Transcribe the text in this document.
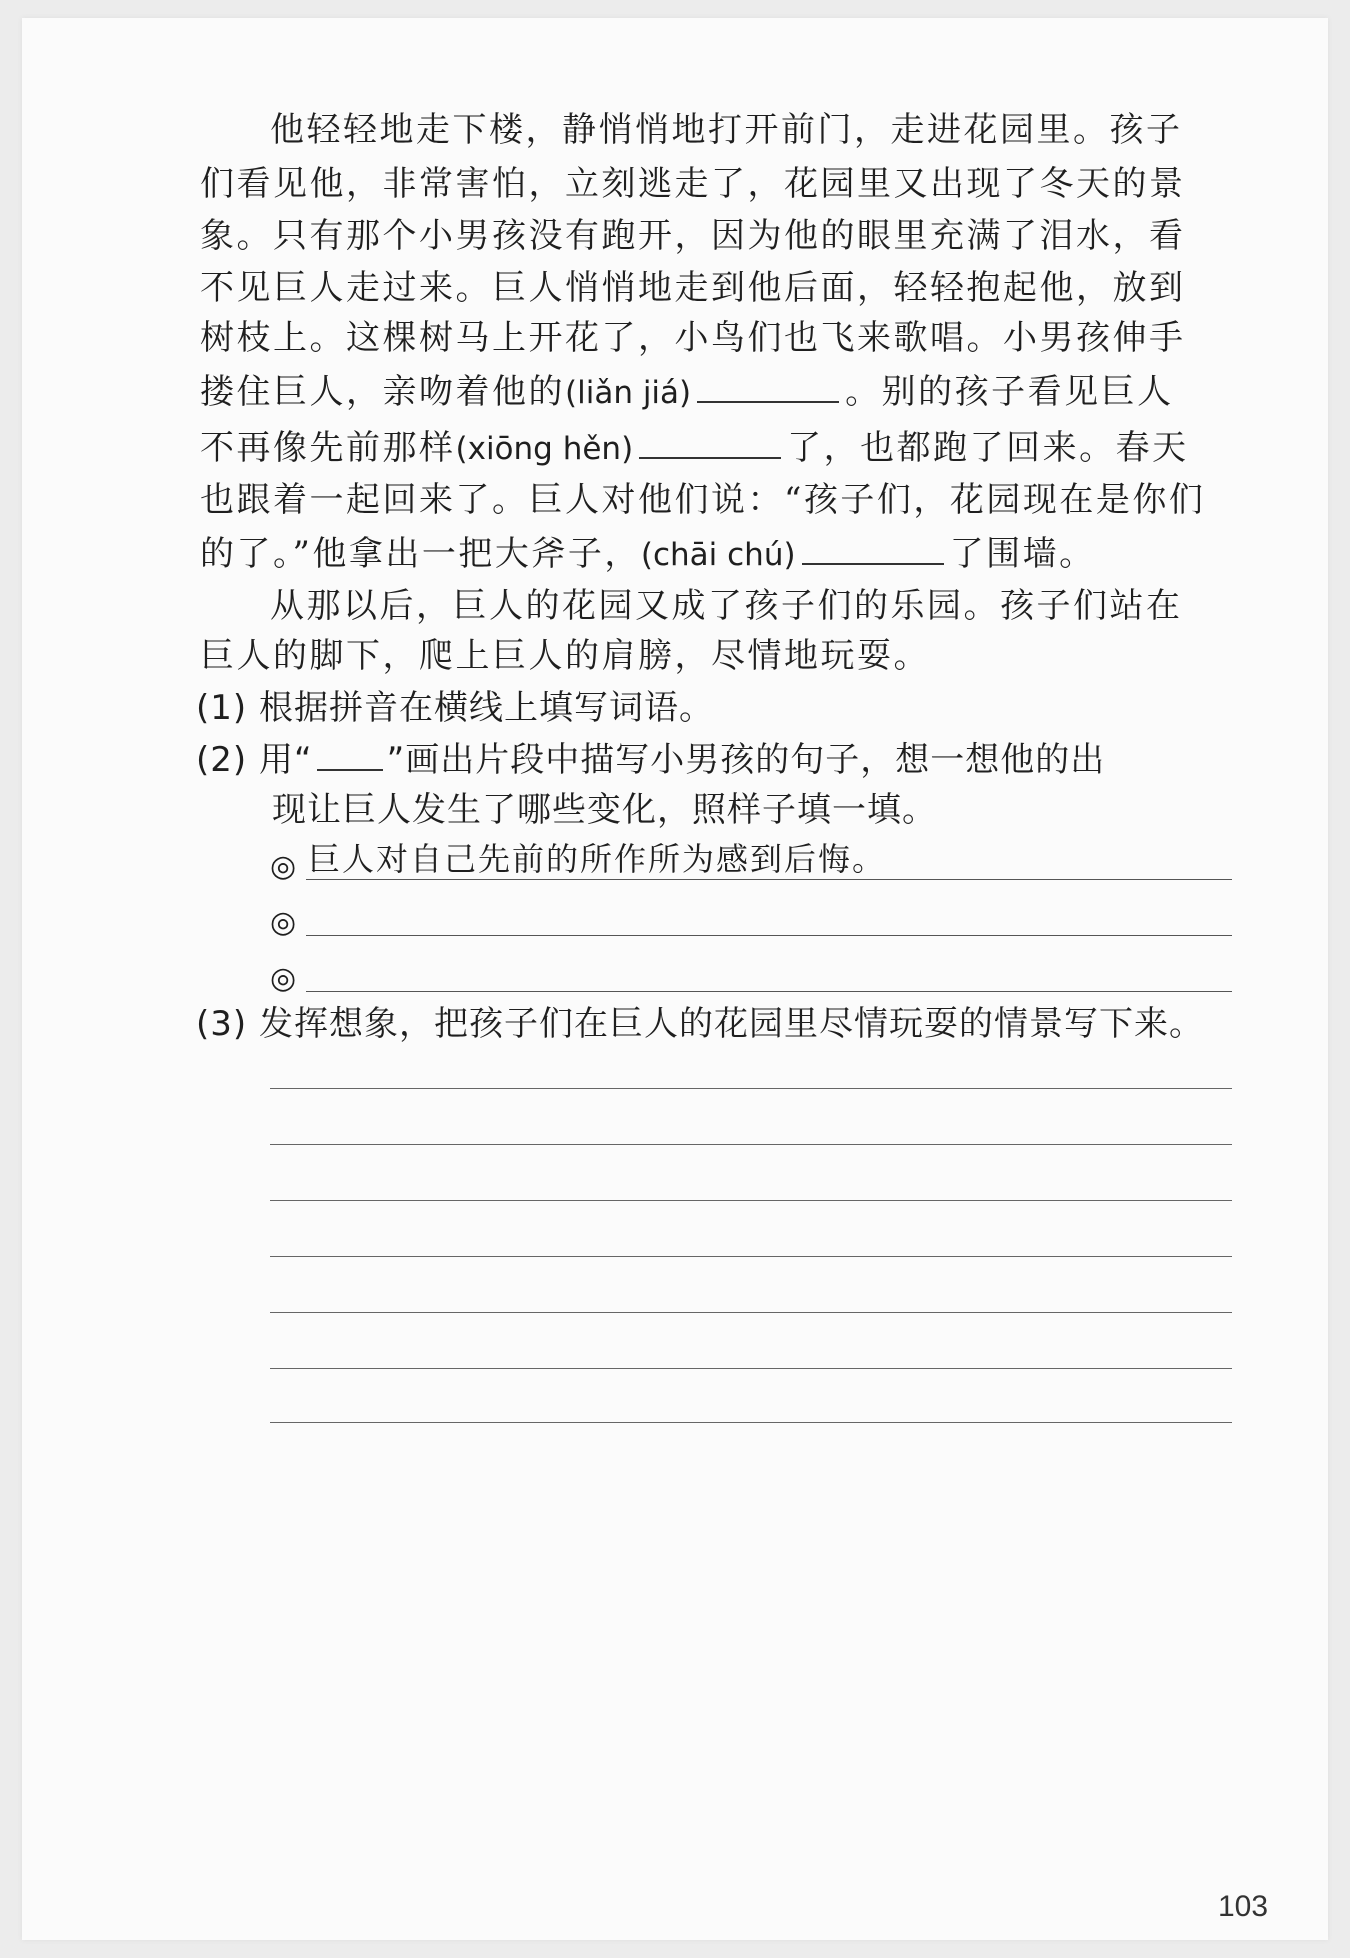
他轻轻地走下楼，静悄悄地打开前门，走进花园里。孩子
们看见他，非常害怕，立刻逃走了，花园里又出现了冬天的景
象。只有那个小男孩没有跑开，因为他的眼里充满了泪水，看
不见巨人走过来。巨人悄悄地走到他后面，轻轻抱起他，放到
树枝上。这棵树马上开花了，小鸟们也飞来歌唱。小男孩伸手
搂住巨人，亲吻着他的(liǎn jiá)	。别的孩子看见巨人
不再像先前那样(xiōng hěn)	了，也都跑了回来。春天
也跟着一起回来了。巨人对他们说：“孩子们，花园现在是你们
的了。”他拿出一把大斧子，(chāi chú)	了围墙。
从那以后，巨人的花园又成了孩子们的乐园。孩子们站在
巨人的脚下，爬上巨人的肩膀，尽情地玩耍。
(1) 根据拼音在横线上填写词语。
(2) 用“ ”画出片段中描写小男孩的句子，想一想他的出
现让巨人发生了哪些变化，照样子填一填。
◎ 巨人对自己先前的所作所为感到后悔。
◎
◎
(3) 发挥想象，把孩子们在巨人的花园里尽情玩耍的情景写下来。
103
